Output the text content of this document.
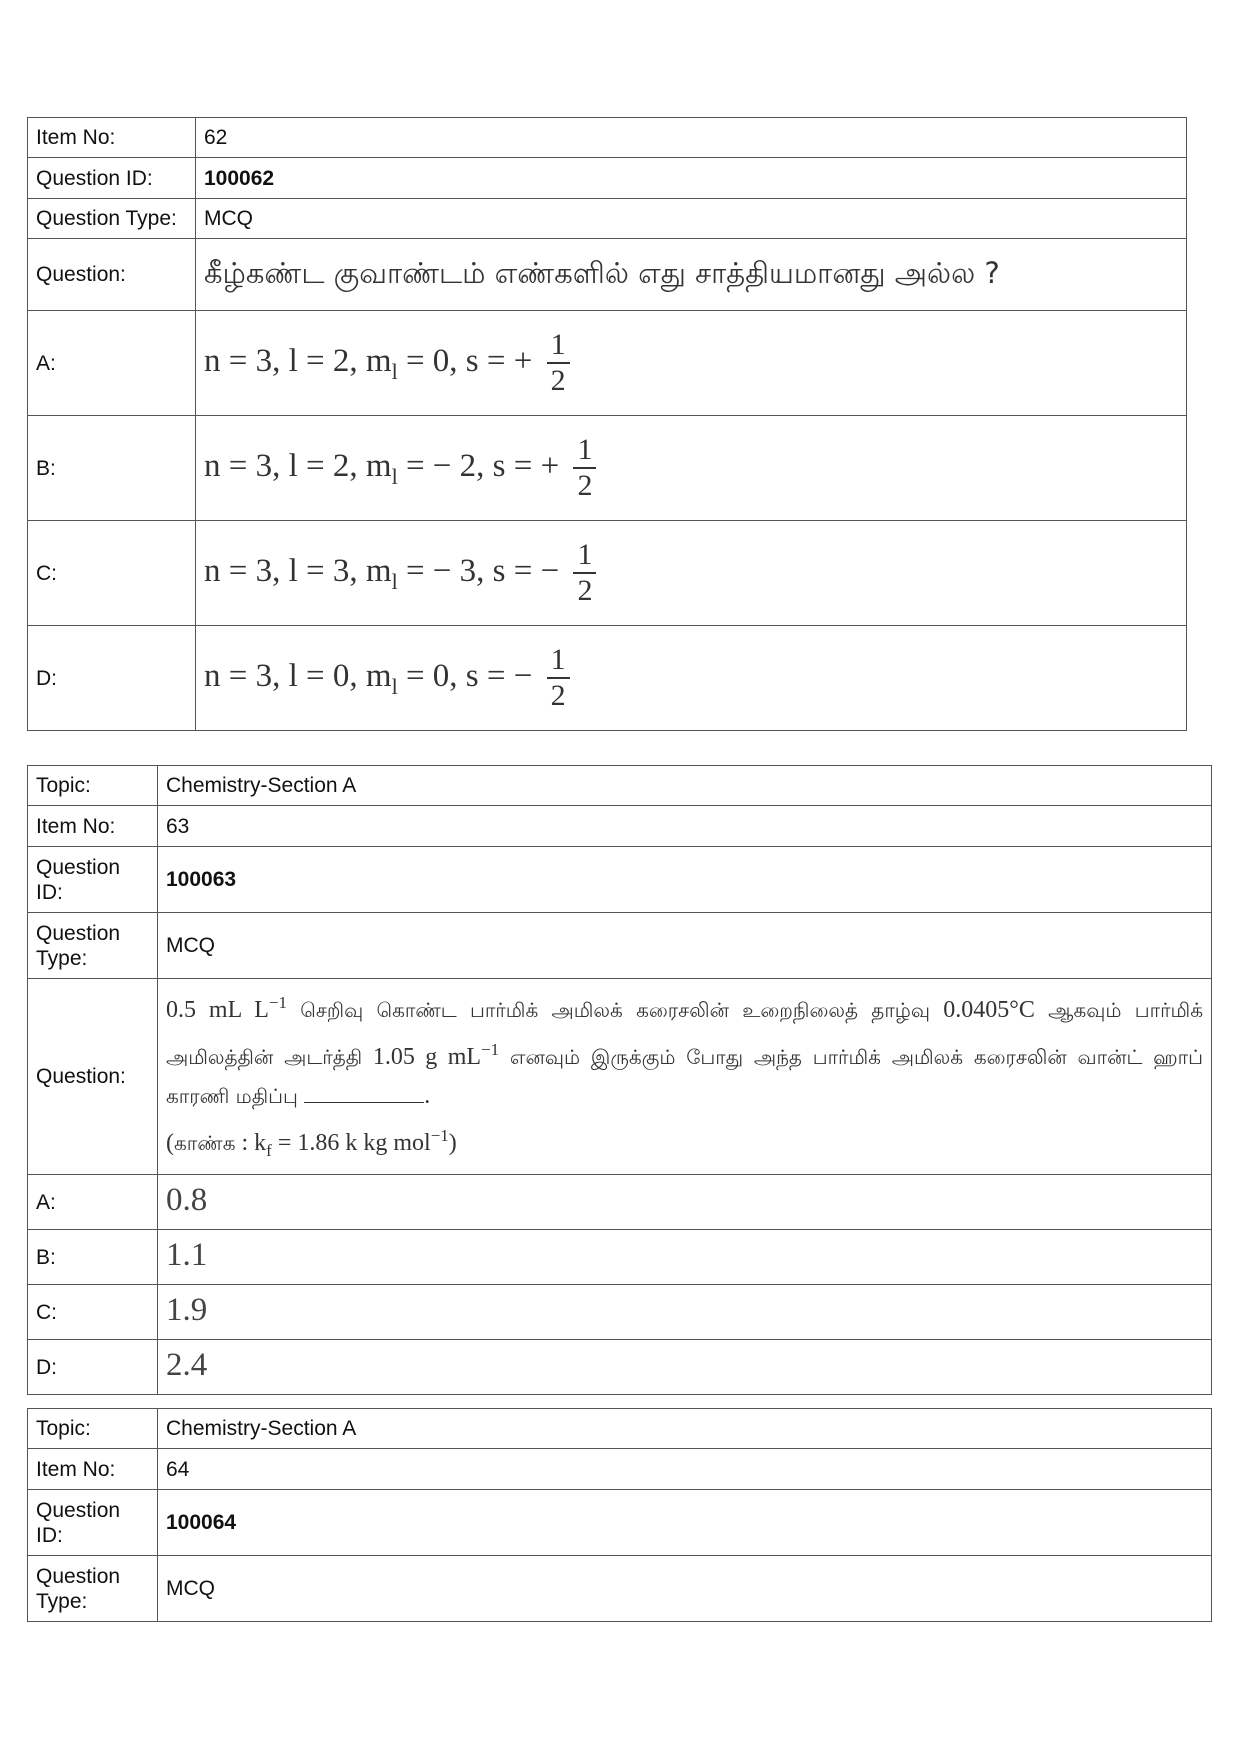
Item No:	62
Question ID:	100062
Question Type:	MCQ
Question:	கீழ்கண்ட குவாண்டம் எண்களில் எது சாத்தியமானது அல்ல ?
A:	n = 3, l = 2, $m_l = 0$, s = + $\frac{1}{2}$

B:	n = 3, l = 2, $m_l$ = − 2, s = + $\frac{1}{2}$

C:	n = 3, l = 3, $m_l$ = − 3, s = − $\frac{1}{2}$

D:	n = 3, l = 0, $m_l = 0$, s = − $\frac{1}{2}$
Topic:	Chemistry-Section A
Item No:	63
Question ID:	100063
Question Type:	MCQ
Question:	0.5 mL $L^{-1}$ செறிவு கொண்ட பார்மிக் அமிலக் கரைசலின் உறைநிலைத் தாழ்வு 0.0405°C ஆகவும் பார்மிக் அமிலத்தின் அடர்த்தி 1.05 g $mL^{-1}$ எனவும் இருக்கும் போது அந்த பார்மிக் அமிலக் கரைசலின் வான்ட் ஹாப் காரணி மதிப்பு .
(காண்க : $k_f = 1.86$ k kg mol$^{-1}$)

A:	0.8
B:	1.1
C:	1.9
D:	2.4
Topic:	Chemistry-Section A
Item No:	64
Question ID:	100064
Question Type:	MCQ
